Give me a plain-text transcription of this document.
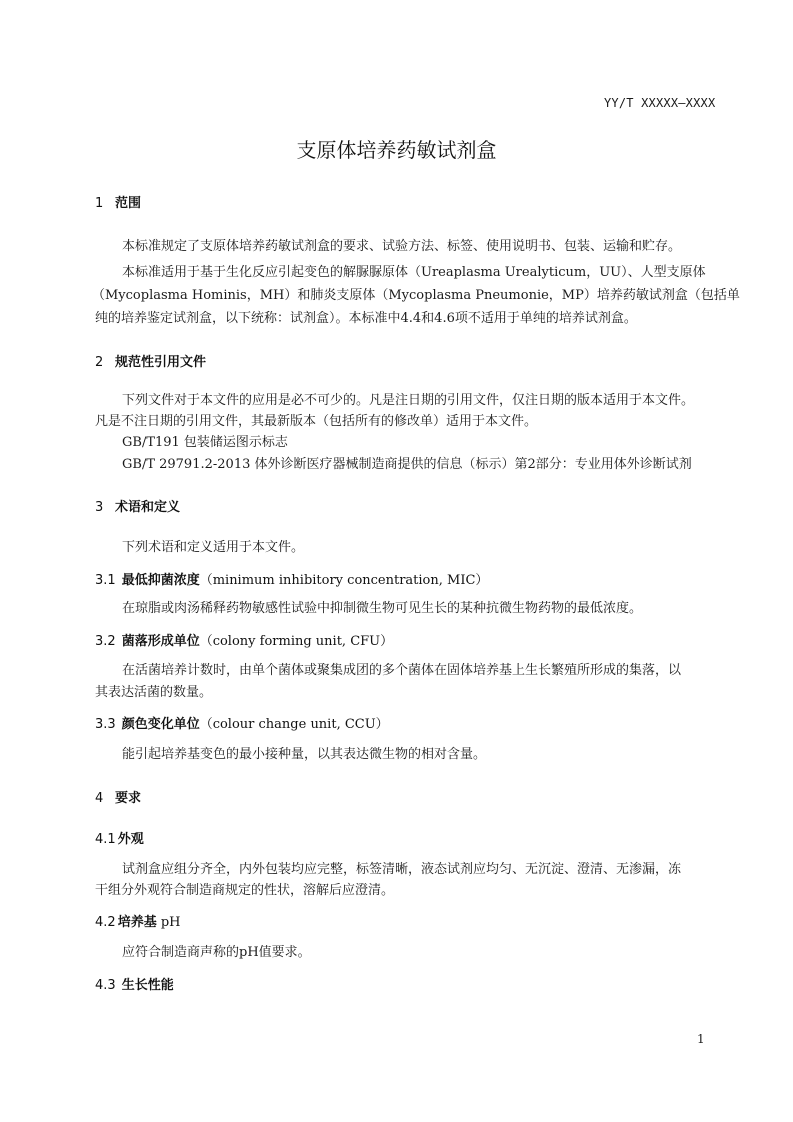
YY/T XXXXX—XXXX
支原体培养药敏试剂盒
1 范围
本标准规定了支原体培养药敏试剂盒的要求、试验方法、标签、使用说明书、包装、运输和贮存。
本标准适用于基于生化反应引起变色的解脲脲原体（Ureaplasma Urealyticum，UU）、人型支原体
（Mycoplasma Hominis，MH）和肺炎支原体（Mycoplasma Pneumonie，MP）培养药敏试剂盒（包括单
纯的培养鉴定试剂盒，以下统称：试剂盒）。本标准中4.4和4.6项不适用于单纯的培养试剂盒。
2 规范性引用文件
下列文件对于本文件的应用是必不可少的。凡是注日期的引用文件，仅注日期的版本适用于本文件。
凡是不注日期的引用文件，其最新版本（包括所有的修改单）适用于本文件。
GB/T191 包装储运图示标志
GB/T 29791.2-2013 体外诊断医疗器械制造商提供的信息（标示）第2部分：专业用体外诊断试剂
3 术语和定义
下列术语和定义适用于本文件。
3.1 最低抑菌浓度（minimum inhibitory concentration, MIC）
在琼脂或肉汤稀释药物敏感性试验中抑制微生物可见生长的某种抗微生物药物的最低浓度。
3.2 菌落形成单位（colony forming unit, CFU）
在活菌培养计数时，由单个菌体或聚集成团的多个菌体在固体培养基上生长繁殖所形成的集落，以
其表达活菌的数量。
3.3 颜色变化单位（colour change unit, CCU）
能引起培养基变色的最小接种量，以其表达微生物的相对含量。
4 要求
4.1 外观
试剂盒应组分齐全，内外包装均应完整，标签清晰，液态试剂应均匀、无沉淀、澄清、无渗漏，冻
干组分外观符合制造商规定的性状，溶解后应澄清。
4.2 培养基 pH
应符合制造商声称的pH值要求。
4.3 生长性能
1
